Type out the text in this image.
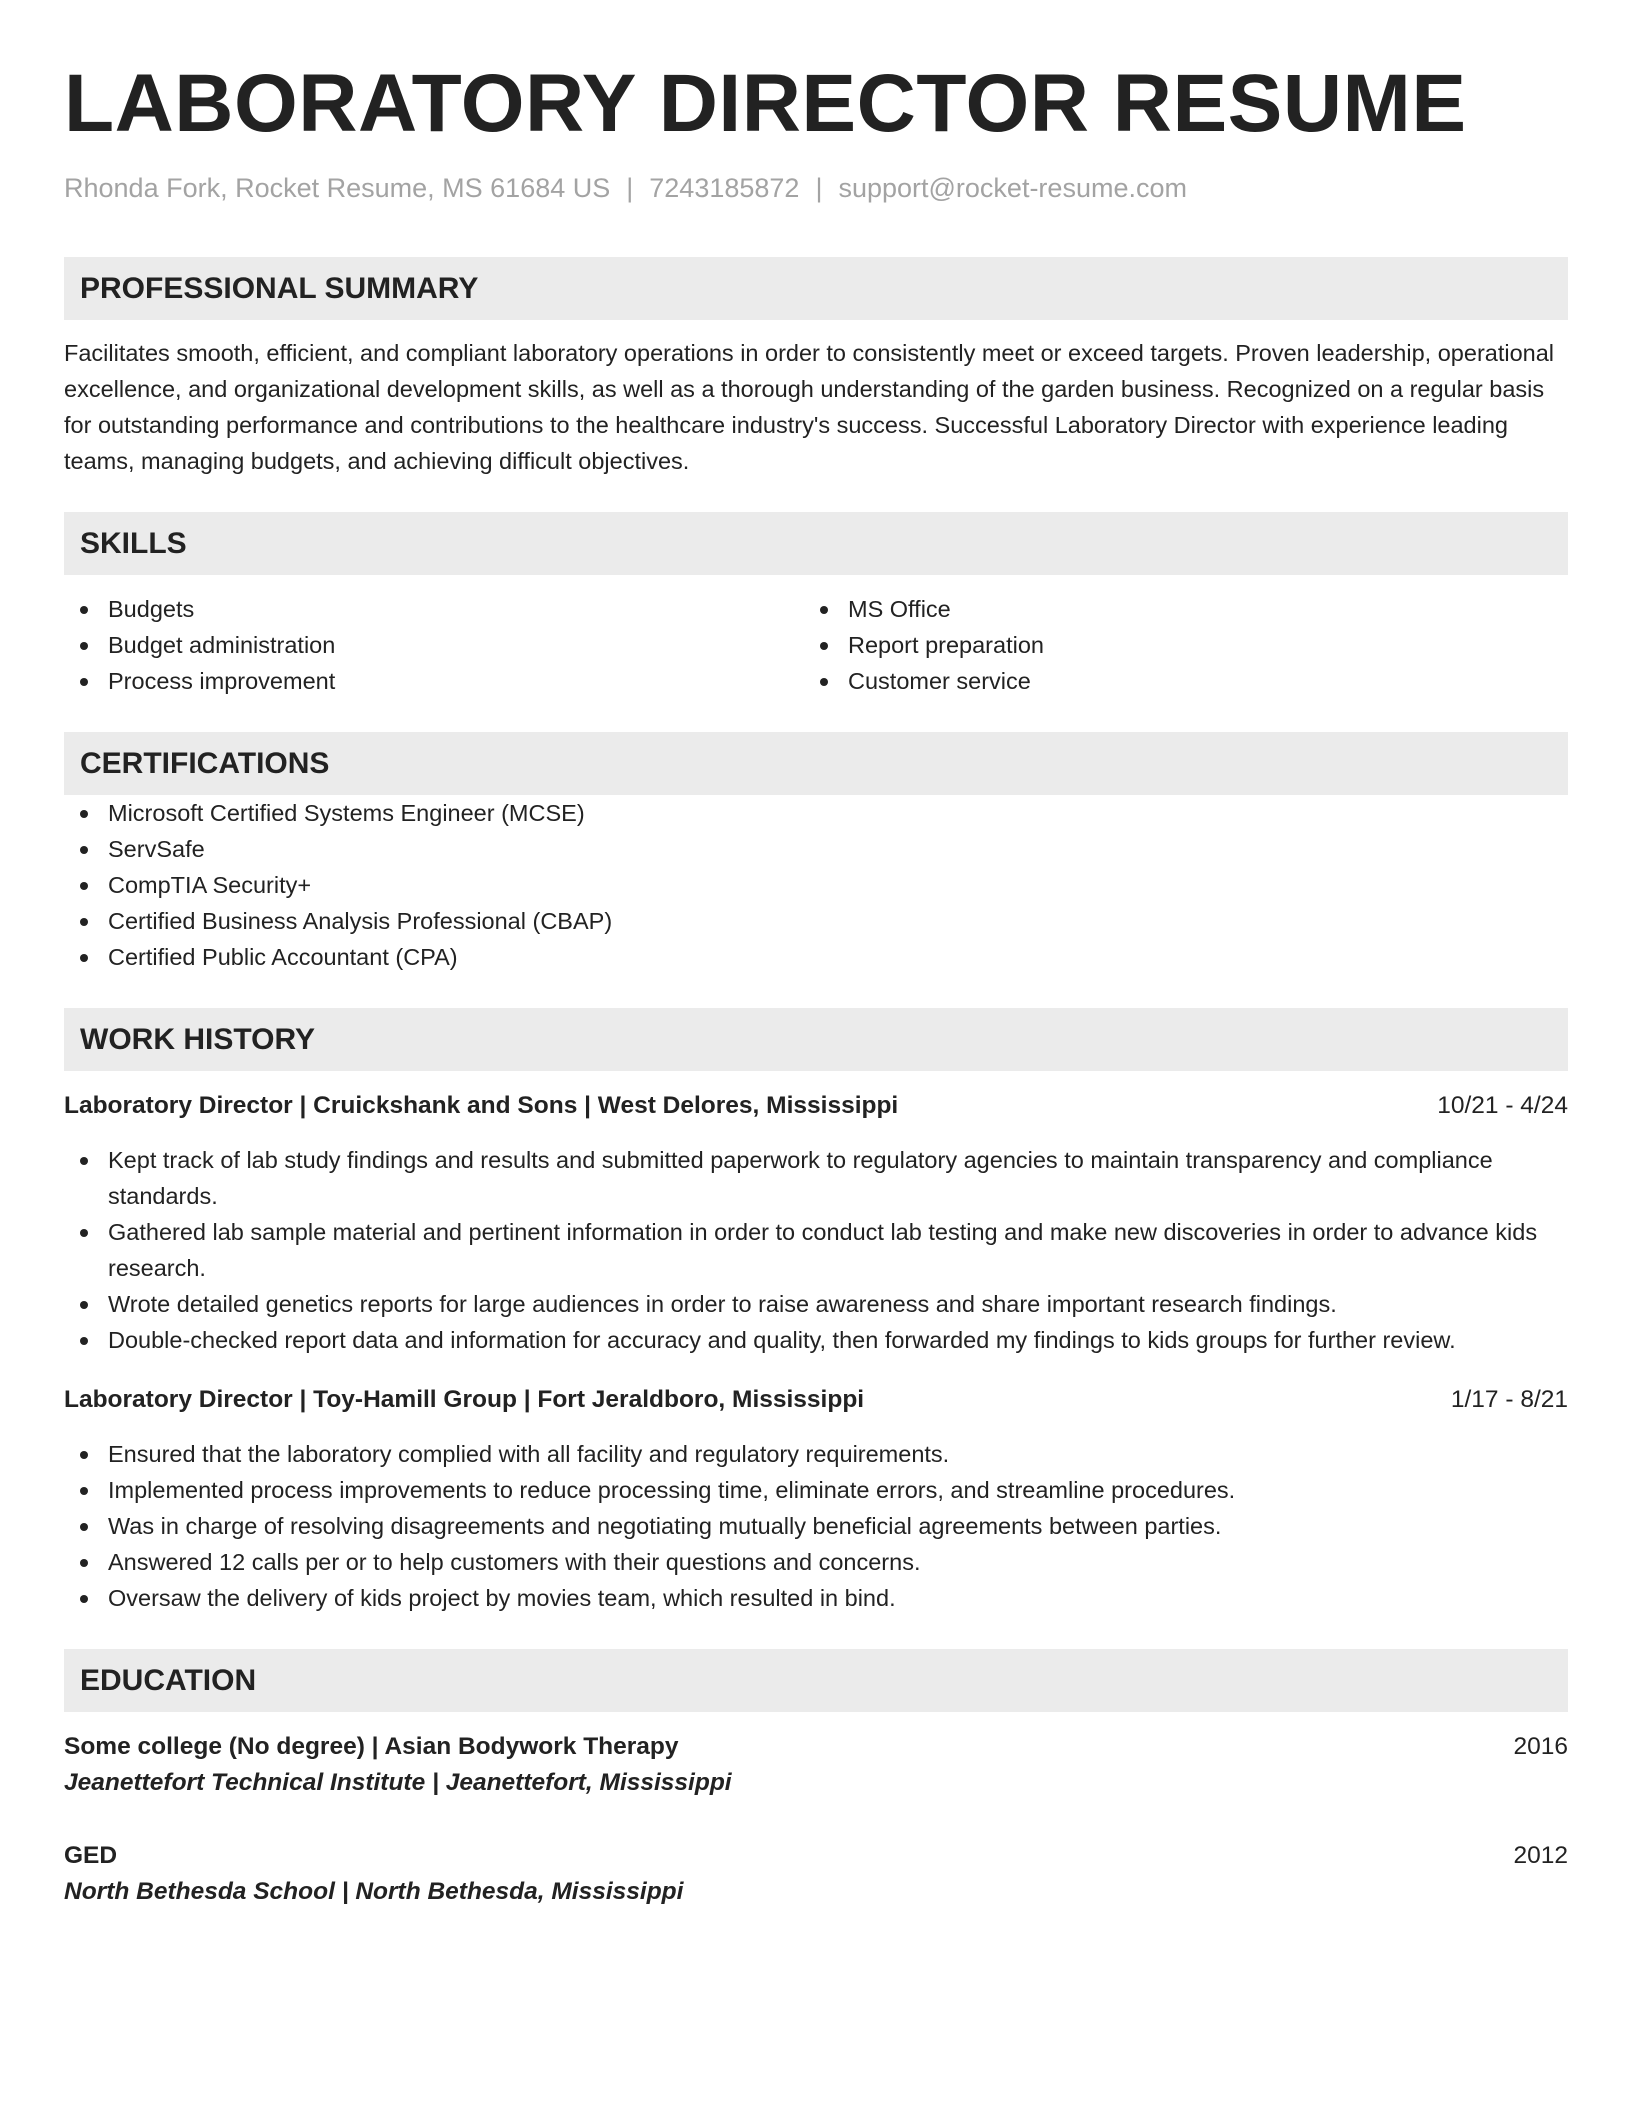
LABORATORY DIRECTOR RESUME
Rhonda Fork, Rocket Resume, MS 61684 US | 7243185872 | support@rocket-resume.com
PROFESSIONAL SUMMARY
Facilitates smooth, efficient, and compliant laboratory operations in order to consistently meet or exceed targets. Proven leadership, operational excellence, and organizational development skills, as well as a thorough understanding of the garden business. Recognized on a regular basis for outstanding performance and contributions to the healthcare industry's success. Successful Laboratory Director with experience leading teams, managing budgets, and achieving difficult objectives.
SKILLS
Budgets
Budget administration
Process improvement
MS Office
Report preparation
Customer service
CERTIFICATIONS
Microsoft Certified Systems Engineer (MCSE)
ServSafe
CompTIA Security+
Certified Business Analysis Professional (CBAP)
Certified Public Accountant (CPA)
WORK HISTORY
Laboratory Director | Cruickshank and Sons | West Delores, Mississippi	10/21 - 4/24
Kept track of lab study findings and results and submitted paperwork to regulatory agencies to maintain transparency and compliance standards.
Gathered lab sample material and pertinent information in order to conduct lab testing and make new discoveries in order to advance kids research.
Wrote detailed genetics reports for large audiences in order to raise awareness and share important research findings.
Double-checked report data and information for accuracy and quality, then forwarded my findings to kids groups for further review.
Laboratory Director | Toy-Hamill Group | Fort Jeraldboro, Mississippi	1/17 - 8/21
Ensured that the laboratory complied with all facility and regulatory requirements.
Implemented process improvements to reduce processing time, eliminate errors, and streamline procedures.
Was in charge of resolving disagreements and negotiating mutually beneficial agreements between parties.
Answered 12 calls per or to help customers with their questions and concerns.
Oversaw the delivery of kids project by movies team, which resulted in bind.
EDUCATION
Some college (No degree) | Asian Bodywork Therapy	2016
Jeanettefort Technical Institute | Jeanettefort, Mississippi
GED	2012
North Bethesda School | North Bethesda, Mississippi
